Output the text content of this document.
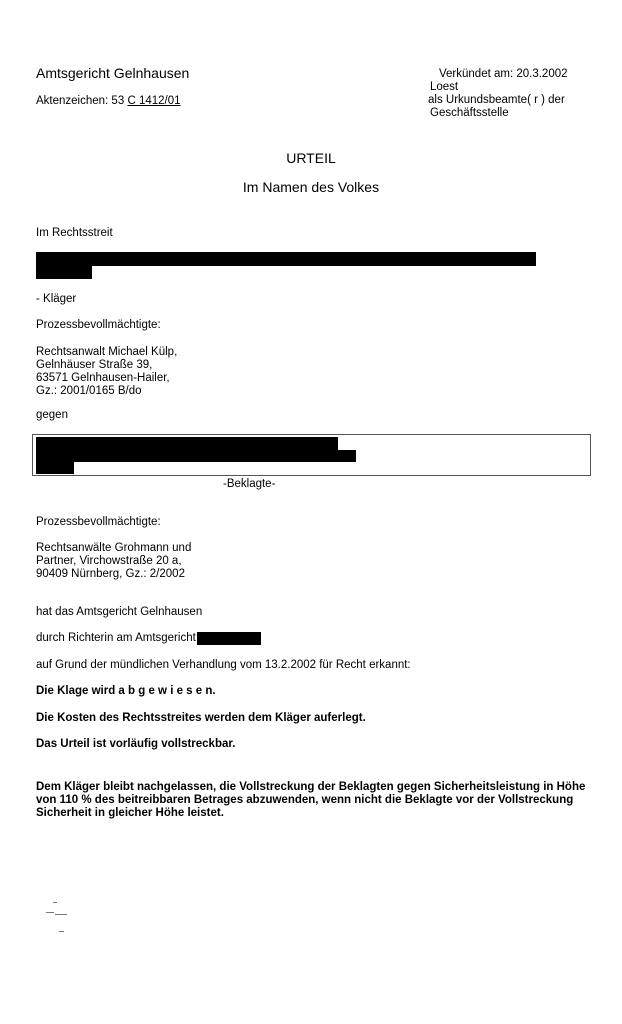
Amtsgericht Gelnhausen
Aktenzeichen: 53 C 1412/01
Verkündet am: 20.3.2002
Loest
als Urkundsbeamte( r ) der
Geschäftsstelle
URTEIL
Im Namen des Volkes
Im Rechtsstreit
- Kläger
Prozessbevollmächtigte:
Rechtsanwalt Michael Külp,
Gelnhäuser Straße 39,
63571 Gelnhausen-Hailer,
Gz.: 2001/0165 B/do
gegen
-Beklagte-
Prozessbevollmächtigte:
Rechtsanwälte Grohmann und
Partner, Virchowstraße 20 a,
90409 Nürnberg, Gz.: 2/2002
hat das Amtsgericht Gelnhausen
durch Richterin am Amtsgericht
auf Grund der mündlichen Verhandlung vom 13.2.2002 für Recht erkannt:
Die Klage wird a b g e w i e s e n.
Die Kosten des Rechtsstreites werden dem Kläger auferlegt.
Das Urteil ist vorläufig vollstreckbar.
Dem Kläger bleibt nachgelassen, die Vollstreckung der Beklagten gegen Sicherheitsleistung in Höhe
von 110 % des beitreibbaren Betrages abzuwenden, wenn nicht die Beklagte vor der Vollstreckung
Sicherheit in gleicher Höhe leistet.
